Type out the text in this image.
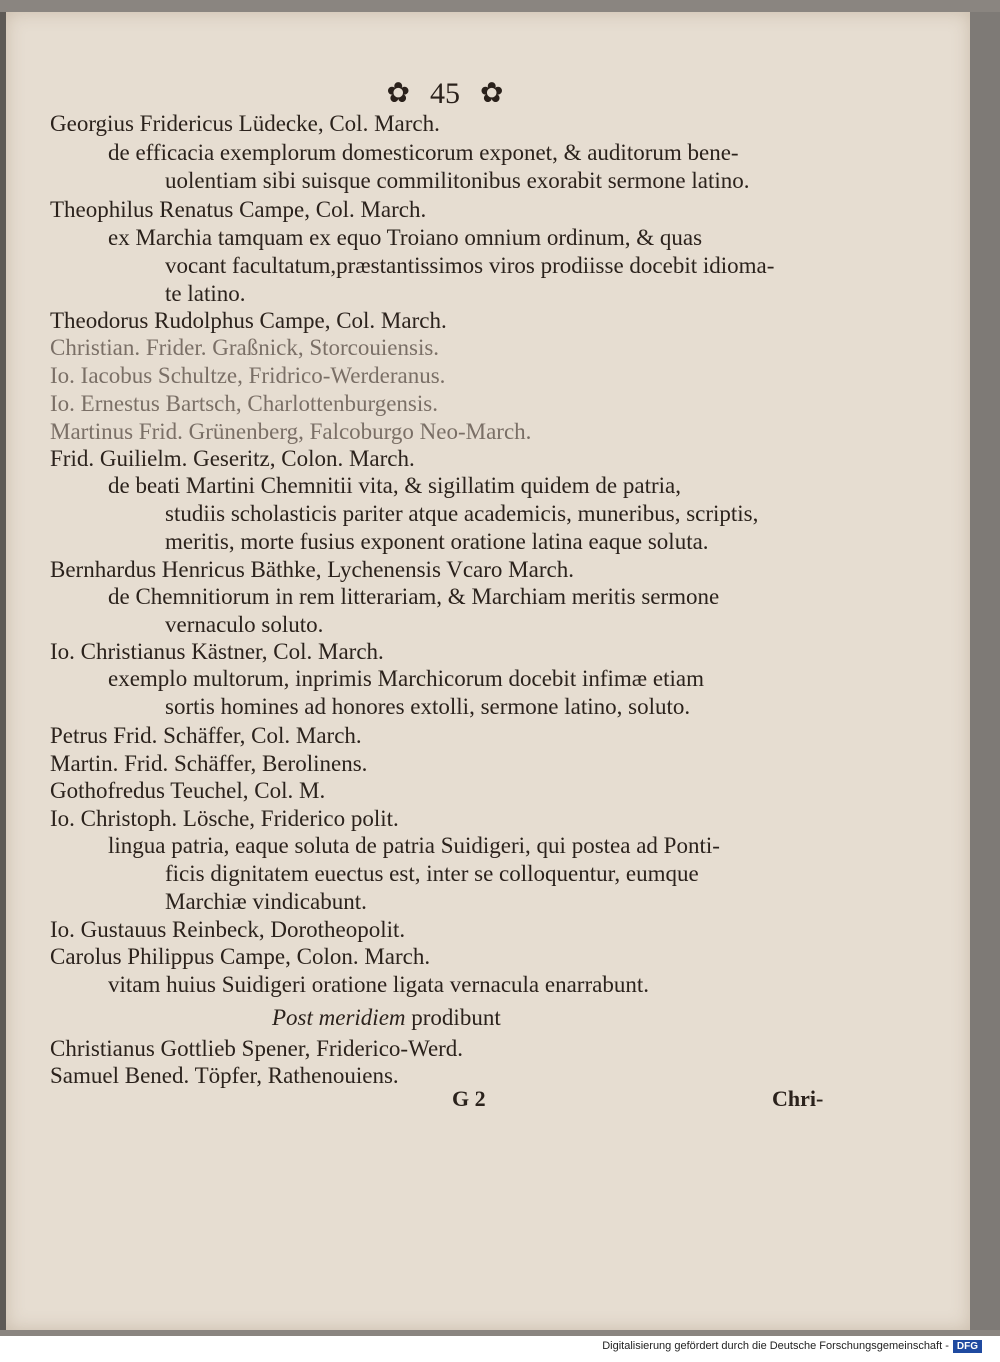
✿ 45 ✿
Georgius Fridericus Lüdecke, Col. March.
de efficacia exemplorum domesticorum exponet, & auditorum bene-
uolentiam sibi suisque commilitonibus exorabit sermone latino.
Theophilus Renatus Campe, Col. March.
ex Marchia tamquam ex equo Troiano omnium ordinum, & quas
vocant facultatum,præstantissimos viros prodiisse docebit idioma-
te latino.
Theodorus Rudolphus Campe, Col. March.
Christian. Frider. Graßnick, Storcouiensis.
Io. Iacobus Schultze, Fridrico-Werderanus.
Io. Ernestus Bartsch, Charlottenburgensis.
Martinus Frid. Grünenberg, Falcoburgo Neo-March.
Frid. Guilielm. Geseritz, Colon. March.
de beati Martini Chemnitii vita, & sigillatim quidem de patria,
studiis scholasticis pariter atque academicis, muneribus, scriptis,
meritis, morte fusius exponent oratione latina eaque soluta.
Bernhardus Henricus Bäthke, Lychenensis Vcaro March.
de Chemnitiorum in rem litterariam, & Marchiam meritis sermone
vernaculo soluto.
Io. Christianus Kästner, Col. March.
exemplo multorum, inprimis Marchicorum docebit infimæ etiam
sortis homines ad honores extolli, sermone latino, soluto.
Petrus Frid. Schäffer, Col. March.
Martin. Frid. Schäffer, Berolinens.
Gothofredus Teuchel, Col. M.
Io. Christoph. Lösche, Friderico polit.
lingua patria, eaque soluta de patria Suidigeri, qui postea ad Ponti-
ficis dignitatem euectus est, inter se colloquentur, eumque
Marchiæ vindicabunt.
Io. Gustauus Reinbeck, Dorotheopolit.
Carolus Philippus Campe, Colon. March.
vitam huius Suidigeri oratione ligata vernacula enarrabunt.
Post meridiem prodibunt
Christianus Gottlieb Spener, Friderico-Werd.
Samuel Bened. Töpfer, Rathenouiens.
G 2	Chri-
Digitalisierung gefördert durch die Deutsche Forschungsgemeinschaft - DFG
